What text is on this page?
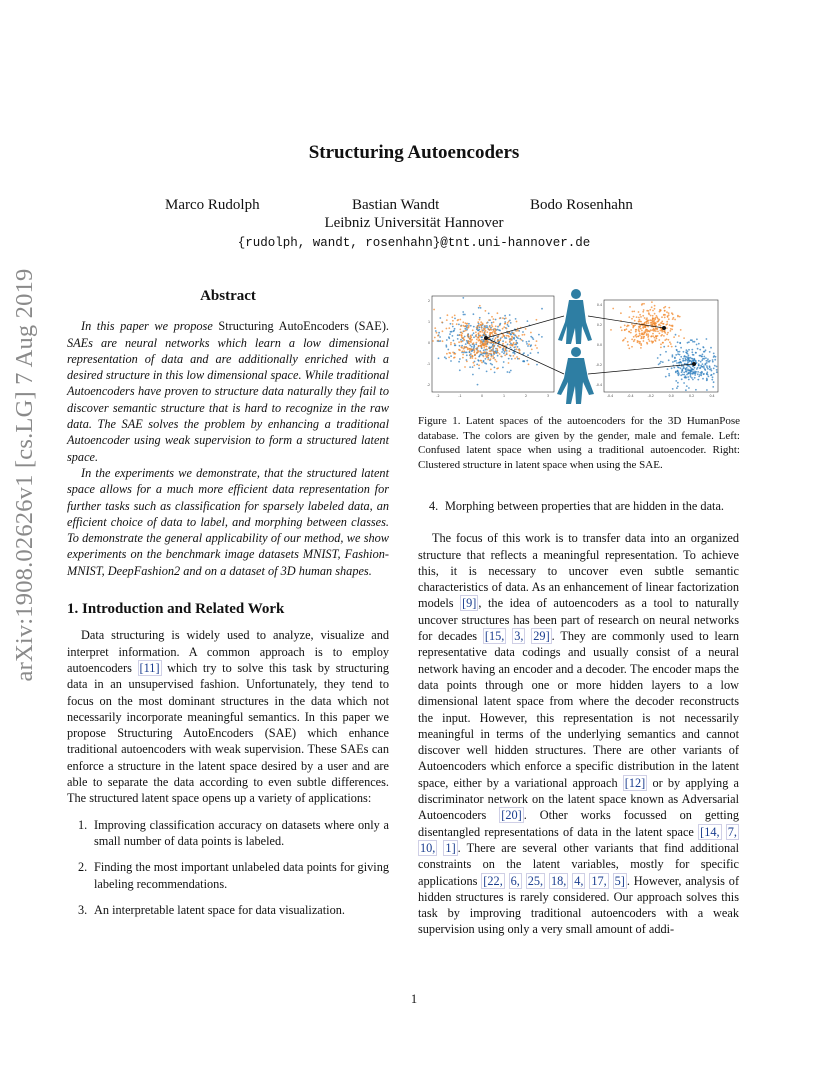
arXiv:1908.02626v1 [cs.LG] 7 Aug 2019
Structuring Autoencoders
Marco Rudolph	Bastian Wandt	Bodo Rosenhahn
Leibniz Universität Hannover
{rudolph, wandt, rosenhahn}@tnt.uni-hannover.de
Abstract

In this paper we propose Structuring AutoEncoders (SAE). SAEs are neural networks which learn a low dimensional representation of data and are additionally enriched with a desired structure in this low dimensional space. While traditional Autoencoders have proven to structure data naturally they fail to discover semantic structure that is hard to recognize in the raw data. The SAE solves the problem by enhancing a traditional Autoencoder using weak supervision to form a structured latent space.

In the experiments we demonstrate, that the structured latent space allows for a much more efficient data representation for further tasks such as classification for sparsely labeled data, an efficient choice of data to label, and morphing between classes. To demonstrate the general applicability of our method, we show experiments on the benchmark image datasets MNIST, Fashion-MNIST, DeepFashion2 and on a dataset of 3D human shapes.

1. Introduction and Related Work

Data structuring is widely used to analyze, visualize and interpret information. A common approach is to employ autoencoders [11] which try to solve this task by structuring data in an unsupervised fashion. Unfortunately, they tend to focus on the most dominant structures in the data which not necessarily incorporate meaningful semantics. In this paper we propose Structuring AutoEncoders (SAE) which enhance traditional autoencoders with weak supervision. These SAEs can enforce a structure in the latent space desired by a user and are able to separate the data according to even subtle differences. The structured latent space opens up a variety of applications:

1. Improving classification accuracy on datasets where only a small number of data points is labeled.
2. Finding the most important unlabeled data points for giving labeling recommendations.
3. An interpretable latent space for data visualization.
-2	-1	0	1	2	3
2
1
0
-1
-2
-0.4	-0.4	-0.2	0.0	0.2	0.4
0.4
0.2
0.0
-0.2
-0.4
Figure 1. Latent spaces of the autoencoders for the 3D HumanPose database. The colors are given by the gender, male and female. Left: Confused latent space when using a traditional autoencoder. Right: Clustered structure in latent space when using the SAE.
4. Morphing between properties that are hidden in the data.

The focus of this work is to transfer data into an organized structure that reflects a meaningful representation. To achieve this, it is necessary to uncover even subtle semantic characteristics of data. As an enhancement of linear factorization models [9] , the idea of autoencoders as a tool to naturally uncover structures has been part of research on neural networks for decades [15, 3, 29] . They are commonly used to learn representative data codings and usually consist of a neural network having an encoder and a decoder. The encoder maps the data points through one or more hidden layers to a low dimensional latent space from where the decoder reconstructs the input. However, this representation is not necessarily meaningful in terms of the underlying semantics and cannot discover well hidden structures. There are other variants of Autoencoders which enforce a specific distribution in the latent space, either by a variational approach [12] or by applying a discriminator network on the latent space known as Adversarial Autoencoders [20] . Other works focussed on getting disentangled representations of data in the latent space [14, 7, 10, 1] . There are several other variants that find additional constraints on the latent variables, mostly for specific applications [22, 6, 25, 18, 4, 17, 5] . However, analysis of hidden structures is rarely considered. Our approach solves this task by improving traditional autoencoders with a weak supervision using only a very small amount of addi-

1
